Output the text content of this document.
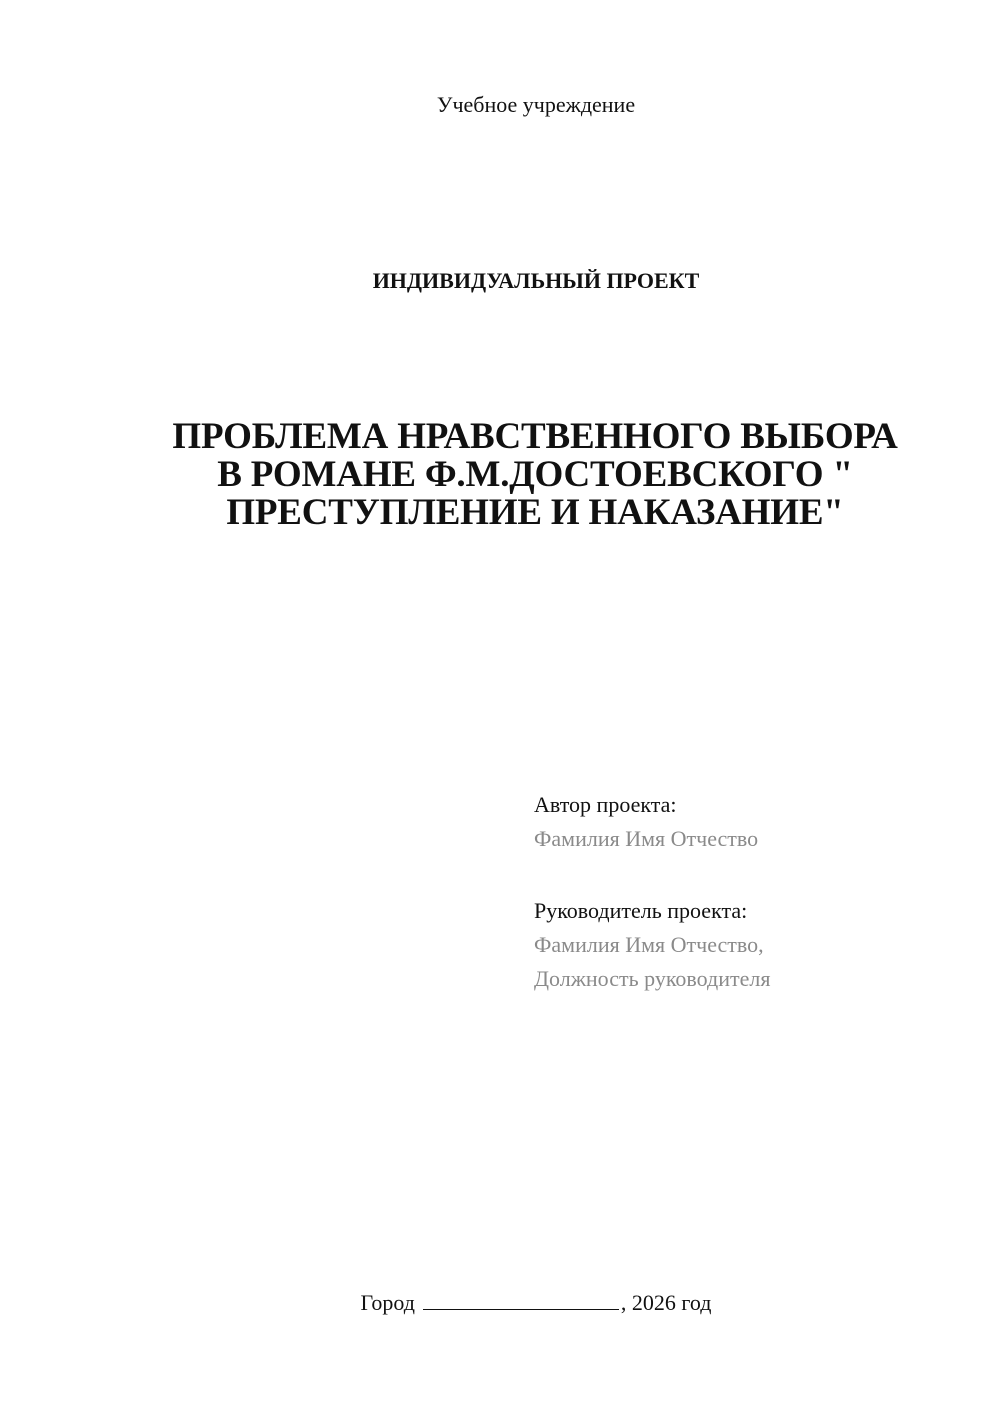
Учебное учреждение
ИНДИВИДУАЛЬНЫЙ ПРОЕКТ
ПРОБЛЕМА НРАВСТВЕННОГО ВЫБОРА
В РОМАНЕ Ф.М.ДОСТОЕВСКОГО "
ПРЕСТУПЛЕНИЕ И НАКАЗАНИЕ"
Автор проекта:
Фамилия Имя Отчество
Руководитель проекта:
Фамилия Имя Отчество,
Должность руководителя
Город	, 2026 год
